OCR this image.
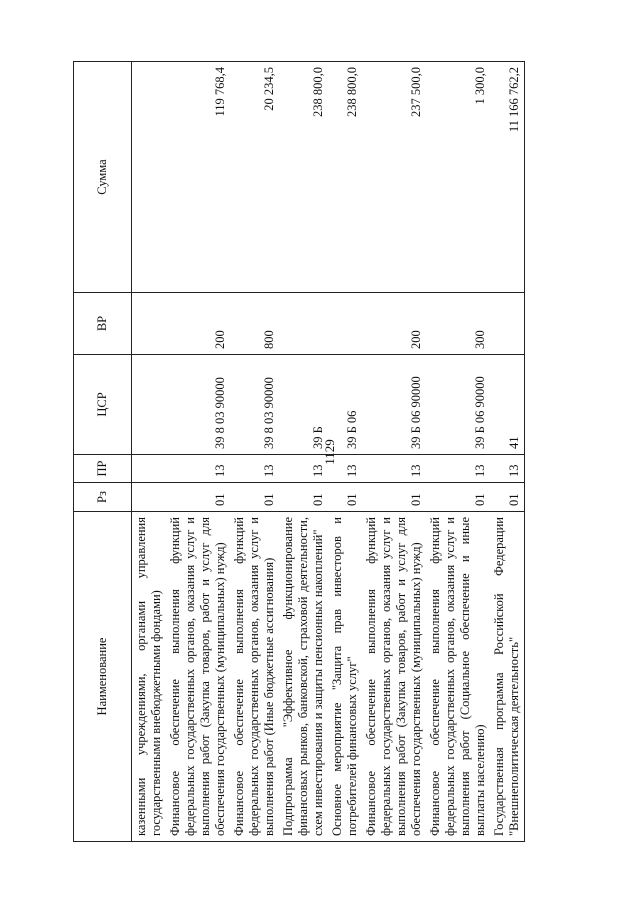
1129
Наименование	Рз	ПР	ЦСР	ВР	Сумма
казенными учреждениями, органами управления государственными внебюджетными фондами)					
Финансовое обеспечение выполнения функций федеральных государственных органов, оказания услуг и выполнения работ (Закупка товаров, работ и услуг для обеспечения государственных (муниципальных) нужд)	01	13	39 8 03 90000	200	119 768,4
Финансовое обеспечение выполнения функций федеральных государственных органов, оказания услуг и выполнения работ (Иные бюджетные ассигнования)	01	13	39 8 03 90000	800	20 234,5
Подпрограмма "Эффективное функционирование финансовых рынков, банковской, страховой деятельности, схем инвестирования и защиты пенсионных накоплений"	01	13	39 Б		238 800,0
Основное мероприятие "Защита прав инвесторов и потребителей финансовых услуг"	01	13	39 Б 06		238 800,0
Финансовое обеспечение выполнения функций федеральных государственных органов, оказания услуг и выполнения работ (Закупка товаров, работ и услуг для обеспечения государственных (муниципальных) нужд)	01	13	39 Б 06 90000	200	237 500,0
Финансовое обеспечение выполнения функций федеральных государственных органов, оказания услуг и выполнения работ (Социальное обеспечение и иные выплаты населению)	01	13	39 Б 06 90000	300	1 300,0
Государственная программа Российской Федерации "Внешнеполитическая деятельность"	01	13	41		11 166 762,2
